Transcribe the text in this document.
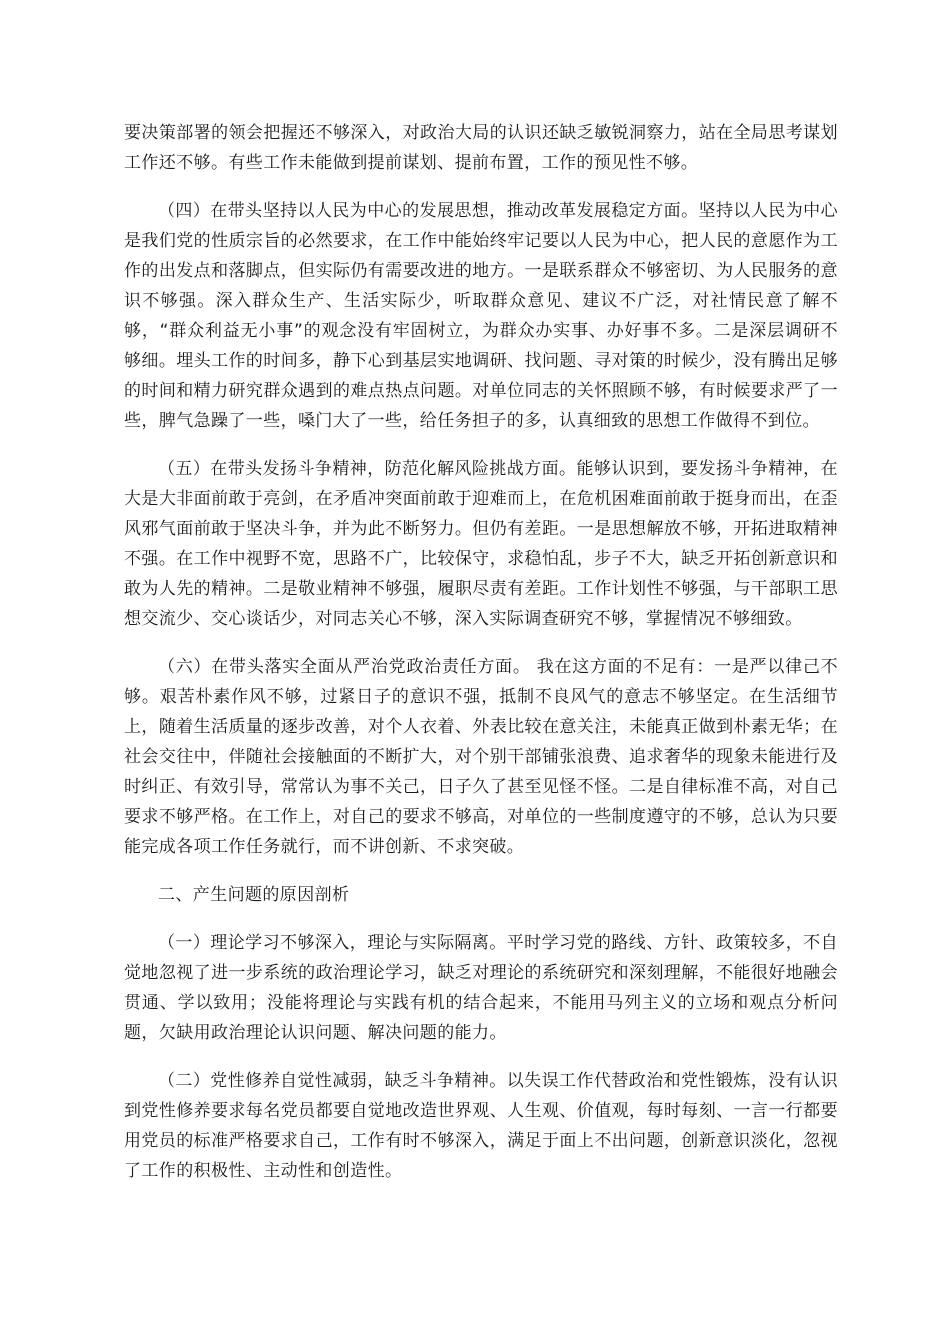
要决策部署的领会把握还不够深入，对政治大局的认识还缺乏敏锐洞察力，站在全局思考谋划工作还不够。有些工作未能做到提前谋划、提前布置，工作的预见性不够。

（四）在带头坚持以人民为中心的发展思想，推动改革发展稳定方面。坚持以人民为中心是我们党的性质宗旨的必然要求，在工作中能始终牢记要以人民为中心，把人民的意愿作为工作的出发点和落脚点，但实际仍有需要改进的地方。一是联系群众不够密切、为人民服务的意识不够强。深入群众生产、生活实际少，听取群众意见、建议不广泛，对社情民意了解不够，“群众利益无小事”的观念没有牢固树立，为群众办实事、办好事不多。二是深层调研不够细。埋头工作的时间多，静下心到基层实地调研、找问题、寻对策的时候少，没有腾出足够的时间和精力研究群众遇到的难点热点问题。对单位同志的关怀照顾不够，有时候要求严了一些，脾气急躁了一些，嗓门大了一些，给任务担子的多，认真细致的思想工作做得不到位。

（五）在带头发扬斗争精神，防范化解风险挑战方面。能够认识到，要发扬斗争精神，在大是大非面前敢于亮剑，在矛盾冲突面前敢于迎难而上，在危机困难面前敢于挺身而出，在歪风邪气面前敢于坚决斗争，并为此不断努力。但仍有差距。一是思想解放不够，开拓进取精神不强。在工作中视野不宽，思路不广，比较保守，求稳怕乱，步子不大，缺乏开拓创新意识和敢为人先的精神。二是敬业精神不够强，履职尽责有差距。工作计划性不够强，与干部职工思想交流少、交心谈话少，对同志关心不够，深入实际调查研究不够，掌握情况不够细致。

（六）在带头落实全面从严治党政治责任方面。 我在这方面的不足有：一是严以律己不够。艰苦朴素作风不够，过紧日子的意识不强，抵制不良风气的意志不够坚定。在生活细节上，随着生活质量的逐步改善，对个人衣着、外表比较在意关注，未能真正做到朴素无华；在社会交往中，伴随社会接触面的不断扩大，对个别干部铺张浪费、追求奢华的现象未能进行及时纠正、有效引导，常常认为事不关己，日子久了甚至见怪不怪。二是自律标准不高，对自己要求不够严格。在工作上，对自己的要求不够高，对单位的一些制度遵守的不够，总认为只要能完成各项工作任务就行，而不讲创新、不求突破。

二、产生问题的原因剖析

（一）理论学习不够深入，理论与实际隔离。平时学习党的路线、方针、政策较多，不自觉地忽视了进一步系统的政治理论学习，缺乏对理论的系统研究和深刻理解，不能很好地融会贯通、学以致用；没能将理论与实践有机的结合起来，不能用马列主义的立场和观点分析问题，欠缺用政治理论认识问题、解决问题的能力。

（二）党性修养自觉性减弱，缺乏斗争精神。以失误工作代替政治和党性锻炼，没有认识到党性修养要求每名党员都要自觉地改造世界观、人生观、价值观，每时每刻、一言一行都要用党员的标准严格要求自己，工作有时不够深入，满足于面上不出问题，创新意识淡化，忽视了工作的积极性、主动性和创造性。
